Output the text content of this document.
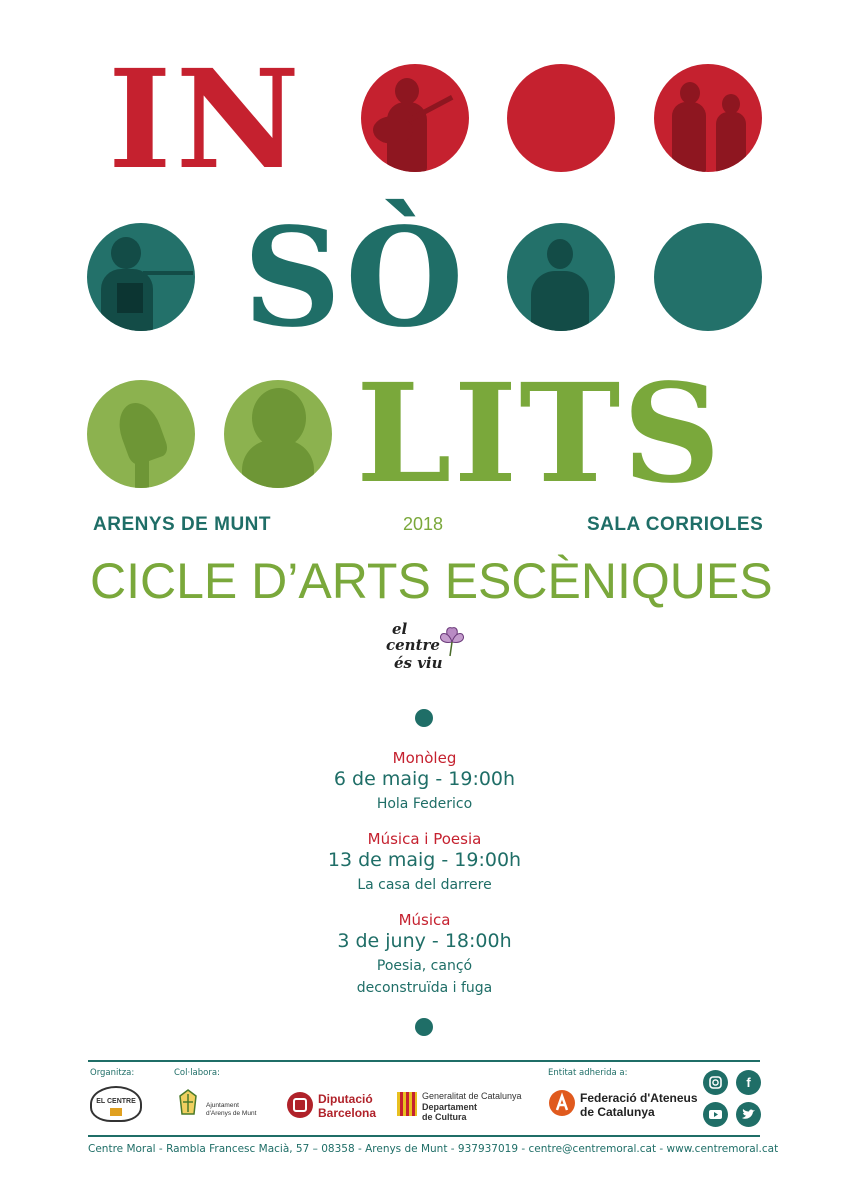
IN
SÒ
LITS
ARENYS DE MUNT	2018	SALA CORRIOLES
CICLE D’ARTS ESCÈNIQUES
el
centre
és viu
Monòleg
6 de maig - 19:00h
Hola Federico
Música i Poesia
13 de maig - 19:00h
La casa del darrere
Música
3 de juny - 18:00h
Poesia, cançó
deconstruïda i fuga
Organitza:	Col·labora:	Entitat adherida a:
EL CENTRE
Ajuntament
d'Arenys de Munt
Diputació
Barcelona
Generalitat de Catalunya
Departament
de Cultura
Federació d'Ateneus
de Catalunya
f
Centre Moral - Rambla Francesc Macià, 57 – 08358 - Arenys de Munt - 937937019 - centre@centremoral.cat - www.centremoral.cat
